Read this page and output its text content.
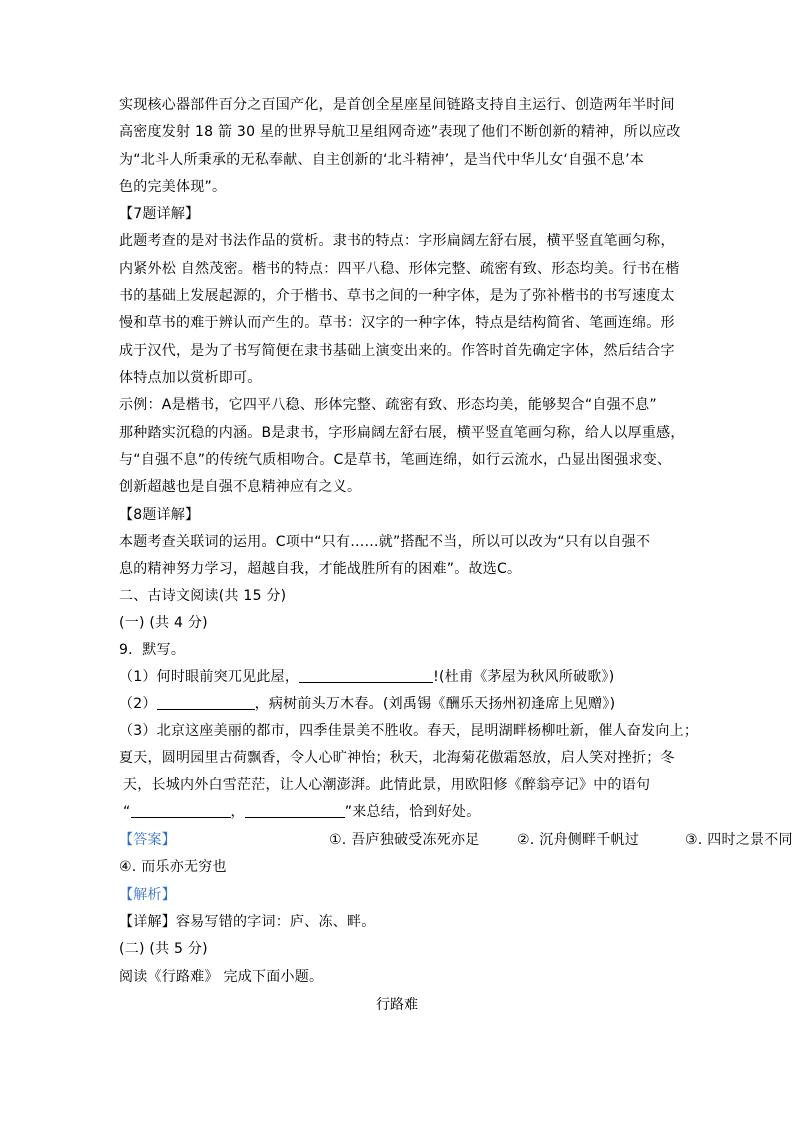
实现核心器部件百分之百国产化，是首创全星座星间链路支持自主运行、创造两年半时间
高密度发射 18 箭 30 星的世界导航卫星组网奇迹”表现了他们不断创新的精神，所以应改
为“北斗人所秉承的无私奉献、自主创新的‘北斗精神’，是当代中华儿女‘自强不息’本
色的完美体现”。
【7题详解】
此题考查的是对书法作品的赏析。隶书的特点：字形扁阔左舒右展，横平竖直笔画匀称，
内紧外松 自然茂密。楷书的特点：四平八稳、形体完整、疏密有致、形态均美。行书在楷
书的基础上发展起源的，介于楷书、草书之间的一种字体，是为了弥补楷书的书写速度太
慢和草书的难于辨认而产生的。草书：汉字的一种字体，特点是结构简省、笔画连绵。形
成于汉代，是为了书写简便在隶书基础上演变出来的。作答时首先确定字体，然后结合字
体特点加以赏析即可。
示例：A是楷书，它四平八稳、形体完整、疏密有致、形态均美，能够契合“自强不息”
那种踏实沉稳的内涵。B是隶书，字形扁阔左舒右展，横平竖直笔画匀称，给人以厚重感，
与“自强不息”的传统气质相吻合。C是草书，笔画连绵，如行云流水，凸显出图强求变、
创新超越也是自强不息精神应有之义。
【8题详解】
本题考查关联词的运用。C项中“只有……就”搭配不当，所以可以改为“只有以自强不
息的精神努力学习，超越自我，才能战胜所有的困难”。故选C。
二、古诗文阅读(共 15 分)
(一) (共 4 分)
9．默写。
（1）何时眼前突兀见此屋，	!(杜甫《茅屋为秋风所破歌》)
（2）	，病树前头万木春。(刘禹锡《酬乐天扬州初逢席上见赠》)
（3）北京这座美丽的都市，四季佳景美不胜收。春天，昆明湖畔杨柳吐新，催人奋发向上；
夏天，圆明园里古荷飘香，令人心旷神怡；秋天，北海菊花傲霜怒放，启人笑对挫折；冬
天，长城内外白雪茫茫，让人心潮澎湃。此情此景，用欧阳修《醉翁亭记》中的语句
“	，	”来总结，恰到好处。
【答案】	①. 吾庐独破受冻死亦足	②. 沉舟侧畔千帆过	③. 四时之景不同
④. 而乐亦无穷也
【解析】
【详解】容易写错的字词：庐、冻、畔。
(二) (共 5 分)
阅读《行路难》 完成下面小题。
行路难
